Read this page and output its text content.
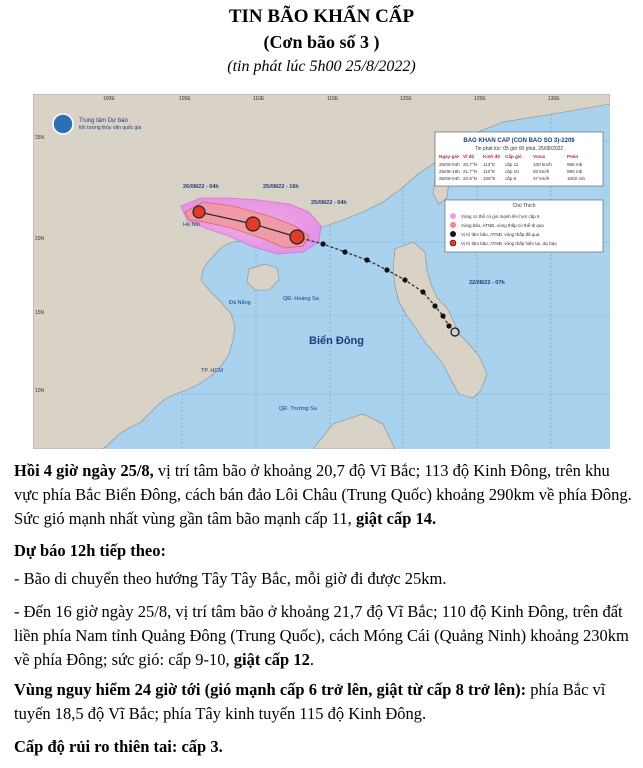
TIN BÃO KHẨN CẤP
(Cơn bão số 3 )
(tin phát lúc 5h00 25/8/2022)
Trung tâm Dự báo
khí tượng thủy văn quốc gia
100E	105E	110E	115E	120E	125E	130E
25N
20N
15N
10N
BAO KHAN CAP (CON BAO SO 3)-2209
Tin phát lúc: 05 giờ 00 phút, 25/08/2022
Ngày-giờ Vĩ độ Kinh độ Cấp gió Vmax	Pmin
25/08-04h 20.7°N 113°E cấp 11	100 km/h	985 mb
25/08-16h 21.7°N 110°E cấp 10	93 km/h	990 mb
26/08-04h 22.6°N 106°E cấp 6	37 km/h	1002 mb
Chú Thích
Vùng có thể có gió mạnh lên hơn cấp 6
Vùng bão, ATNĐ, vùng thấp có thể đi qua
Vị trí tâm bão, ATNĐ, vùng thấp đã qua
Vị trí tâm bão, ATNĐ, vùng thấp hiện tại, dự báo
26/08/22 - 04h	25/08/22 - 16h
25/08/22 - 04h
22/08/22 - 07h
Hà Nội
Đà Nẵng
QĐ. Hoàng Sa
TP. HCM
QĐ. Trường Sa
Biển Đông
Hồi 4 giờ ngày 25/8, vị trí tâm bão ở khoảng 20,7 độ Vĩ Bắc; 113 độ Kinh Đông, trên khu vực phía Bắc Biển Đông, cách bán đảo Lôi Châu (Trung Quốc) khoảng 290km về phía Đông. Sức gió mạnh nhất vùng gần tâm bão mạnh cấp 11, giật cấp 14.
Dự báo 12h tiếp theo:
- Bão di chuyển theo hướng Tây Tây Bắc, mỗi giờ đi được 25km.
- Đến 16 giờ ngày 25/8, vị trí tâm bão ở khoảng 21,7 độ Vĩ Bắc; 110 độ Kinh Đông, trên đất liền phía Nam tỉnh Quảng Đông (Trung Quốc), cách Móng Cái (Quảng Ninh) khoảng 230km về phía Đông; sức gió: cấp 9-10, giật cấp 12.
Vùng nguy hiểm 24 giờ tới (gió mạnh cấp 6 trở lên, giật từ cấp 8 trở lên): phía Bắc vĩ tuyến 18,5 độ Vĩ Bắc; phía Tây kinh tuyến 115 độ Kinh Đông.
Cấp độ rủi ro thiên tai: cấp 3.
